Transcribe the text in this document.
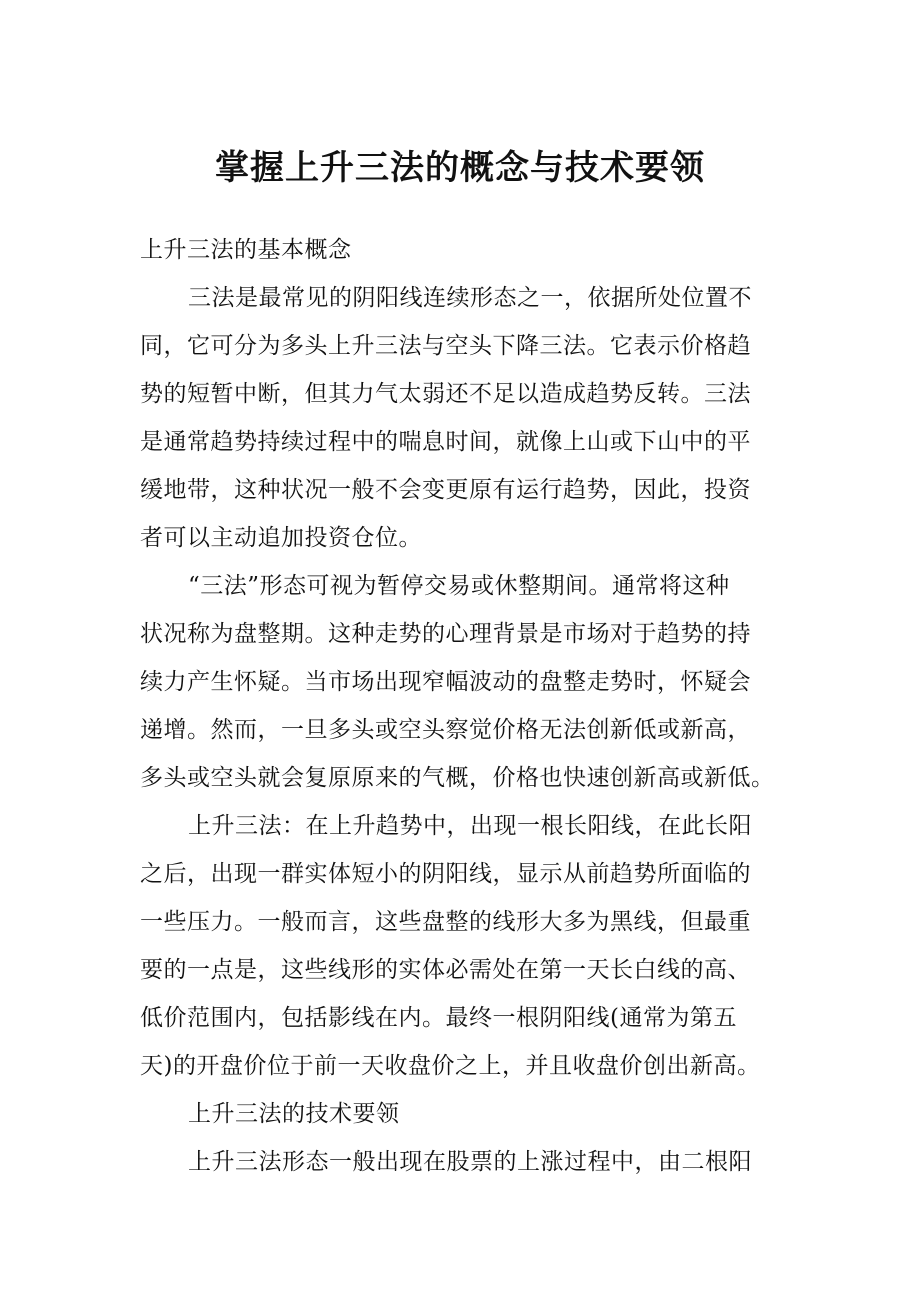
掌握上升三法的概念与技术要领

上升三法的基本概念

三法是最常见的阴阳线连续形态之一，依据所处位置不
同，它可分为多头上升三法与空头下降三法。它表示价格趋
势的短暂中断，但其力气太弱还不足以造成趋势反转。三法
是通常趋势持续过程中的喘息时间，就像上山或下山中的平
缓地带，这种状况一般不会变更原有运行趋势，因此，投资
者可以主动追加投资仓位。

“三法”形态可视为暂停交易或休整期间。通常将这种
状况称为盘整期。这种走势的心理背景是市场对于趋势的持
续力产生怀疑。当市场出现窄幅波动的盘整走势时，怀疑会
递增。然而，一旦多头或空头察觉价格无法创新低或新高，
多头或空头就会复原原来的气概，价格也快速创新高或新低。

上升三法：在上升趋势中，出现一根长阳线，在此长阳
之后，出现一群实体短小的阴阳线，显示从前趋势所面临的
一些压力。一般而言，这些盘整的线形大多为黑线，但最重
要的一点是，这些线形的实体必需处在第一天长白线的高、
低价范围内，包括影线在内。最终一根阴阳线(通常为第五
天)的开盘价位于前一天收盘价之上，并且收盘价创出新高。

上升三法的技术要领

上升三法形态一般出现在股票的上涨过程中，由二根阳
